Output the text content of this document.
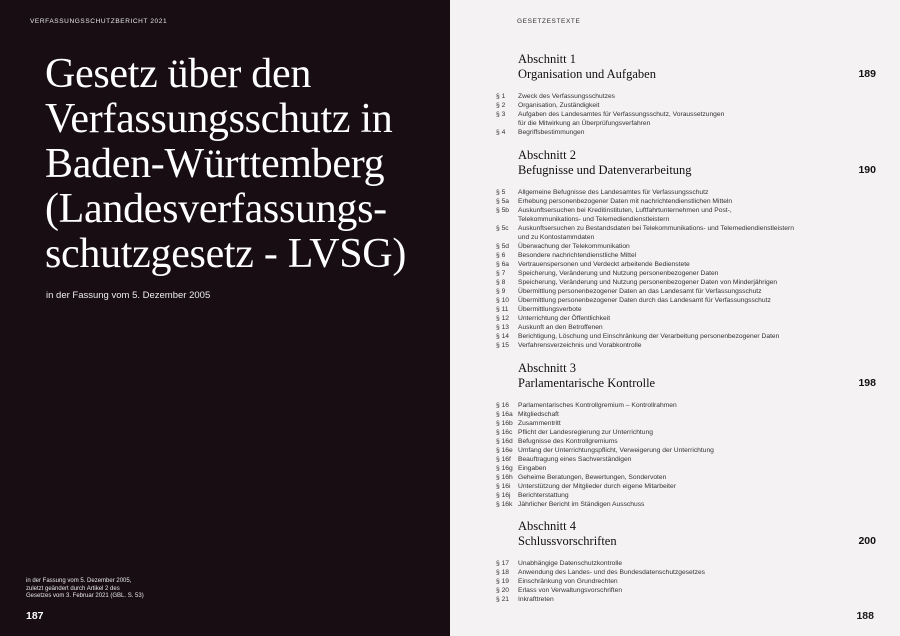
VERFASSUNGSSCHUTZBERICHT 2021
Gesetz über den
Verfassungsschutz in
Baden-Württemberg
(Landesverfassungs-
schutzgesetz - LVSG)
in der Fassung vom 5. Dezember 2005
in der Fassung vom 5. Dezember 2005,
zuletzt geändert durch Artikel 2 des
Gesetzes vom 3. Februar 2021 (GBL. S. 53)
187
GESETZESTEXTE
Abschnitt 1
Organisation und Aufgaben	189
§ 1	Zweck des Verfassungsschutzes
§ 2	Organisation, Zuständigkeit
§ 3	Aufgaben des Landesamtes für Verfassungsschutz, Voraussetzungen
für die Mitwirkung an Überprüfungsverfahren
§ 4	Begriffsbestimmungen
Abschnitt 2
Befugnisse und Datenverarbeitung	190
§ 5	Allgemeine Befugnisse des Landesamtes für Verfassungsschutz
§ 5a	Erhebung personenbezogener Daten mit nachrichtendienstlichen Mitteln
§ 5b	Auskunftsersuchen bei Kreditinstituten, Luftfahrtunternehmen und Post-,
Telekommunikations- und Telemediendienstleistern
§ 5c	Auskunftsersuchen zu Bestandsdaten bei Telekommunikations- und Telemediendienstleistern
und zu Kontostammdaten
§ 5d	Überwachung der Telekommunikation
§ 6	Besondere nachrichtendienstliche Mittel
§ 6a	Vertrauenspersonen und Verdeckt arbeitende Bedienstete
§ 7	Speicherung, Veränderung und Nutzung personenbezogener Daten
§ 8	Speicherung, Veränderung und Nutzung personenbezogener Daten von Minderjährigen
§ 9	Übermittlung personenbezogener Daten an das Landesamt für Verfassungsschutz
§ 10	Übermittlung personenbezogener Daten durch das Landesamt für Verfassungsschutz
§ 11	Übermittlungsverbote
§ 12	Unterrichtung der Öffentlichkeit
§ 13	Auskunft an den Betroffenen
§ 14	Berichtigung, Löschung und Einschränkung der Verarbeitung personenbezogener Daten
§ 15	Verfahrensverzeichnis und Vorabkontrolle
Abschnitt 3
Parlamentarische Kontrolle	198
§ 16	Parlamentarisches Kontrollgremium – Kontrollrahmen
§ 16a Mitgliedschaft
§ 16b Zusammentritt
§ 16c Pflicht der Landesregierung zur Unterrichtung
§ 16d Befugnisse des Kontrollgremiums
§ 16e Umfang der Unterrichtungspflicht, Verweigerung der Unterrichtung
§ 16f	Beauftragung eines Sachverständigen
§ 16g Eingaben
§ 16h Geheime Beratungen, Bewertungen, Sondervoten
§ 16i	Unterstützung der Mitglieder durch eigene Mitarbeiter
§ 16j	Berichterstattung
§ 16k Jährlicher Bericht im Ständigen Ausschuss
Abschnitt 4
Schlussvorschriften	200
§ 17	Unabhängige Datenschutzkontrolle
§ 18	Anwendung des Landes- und des Bundesdatenschutzgesetzes
§ 19	Einschränkung von Grundrechten
§ 20	Erlass von Verwaltungsvorschriften
§ 21	Inkrafttreten
188
